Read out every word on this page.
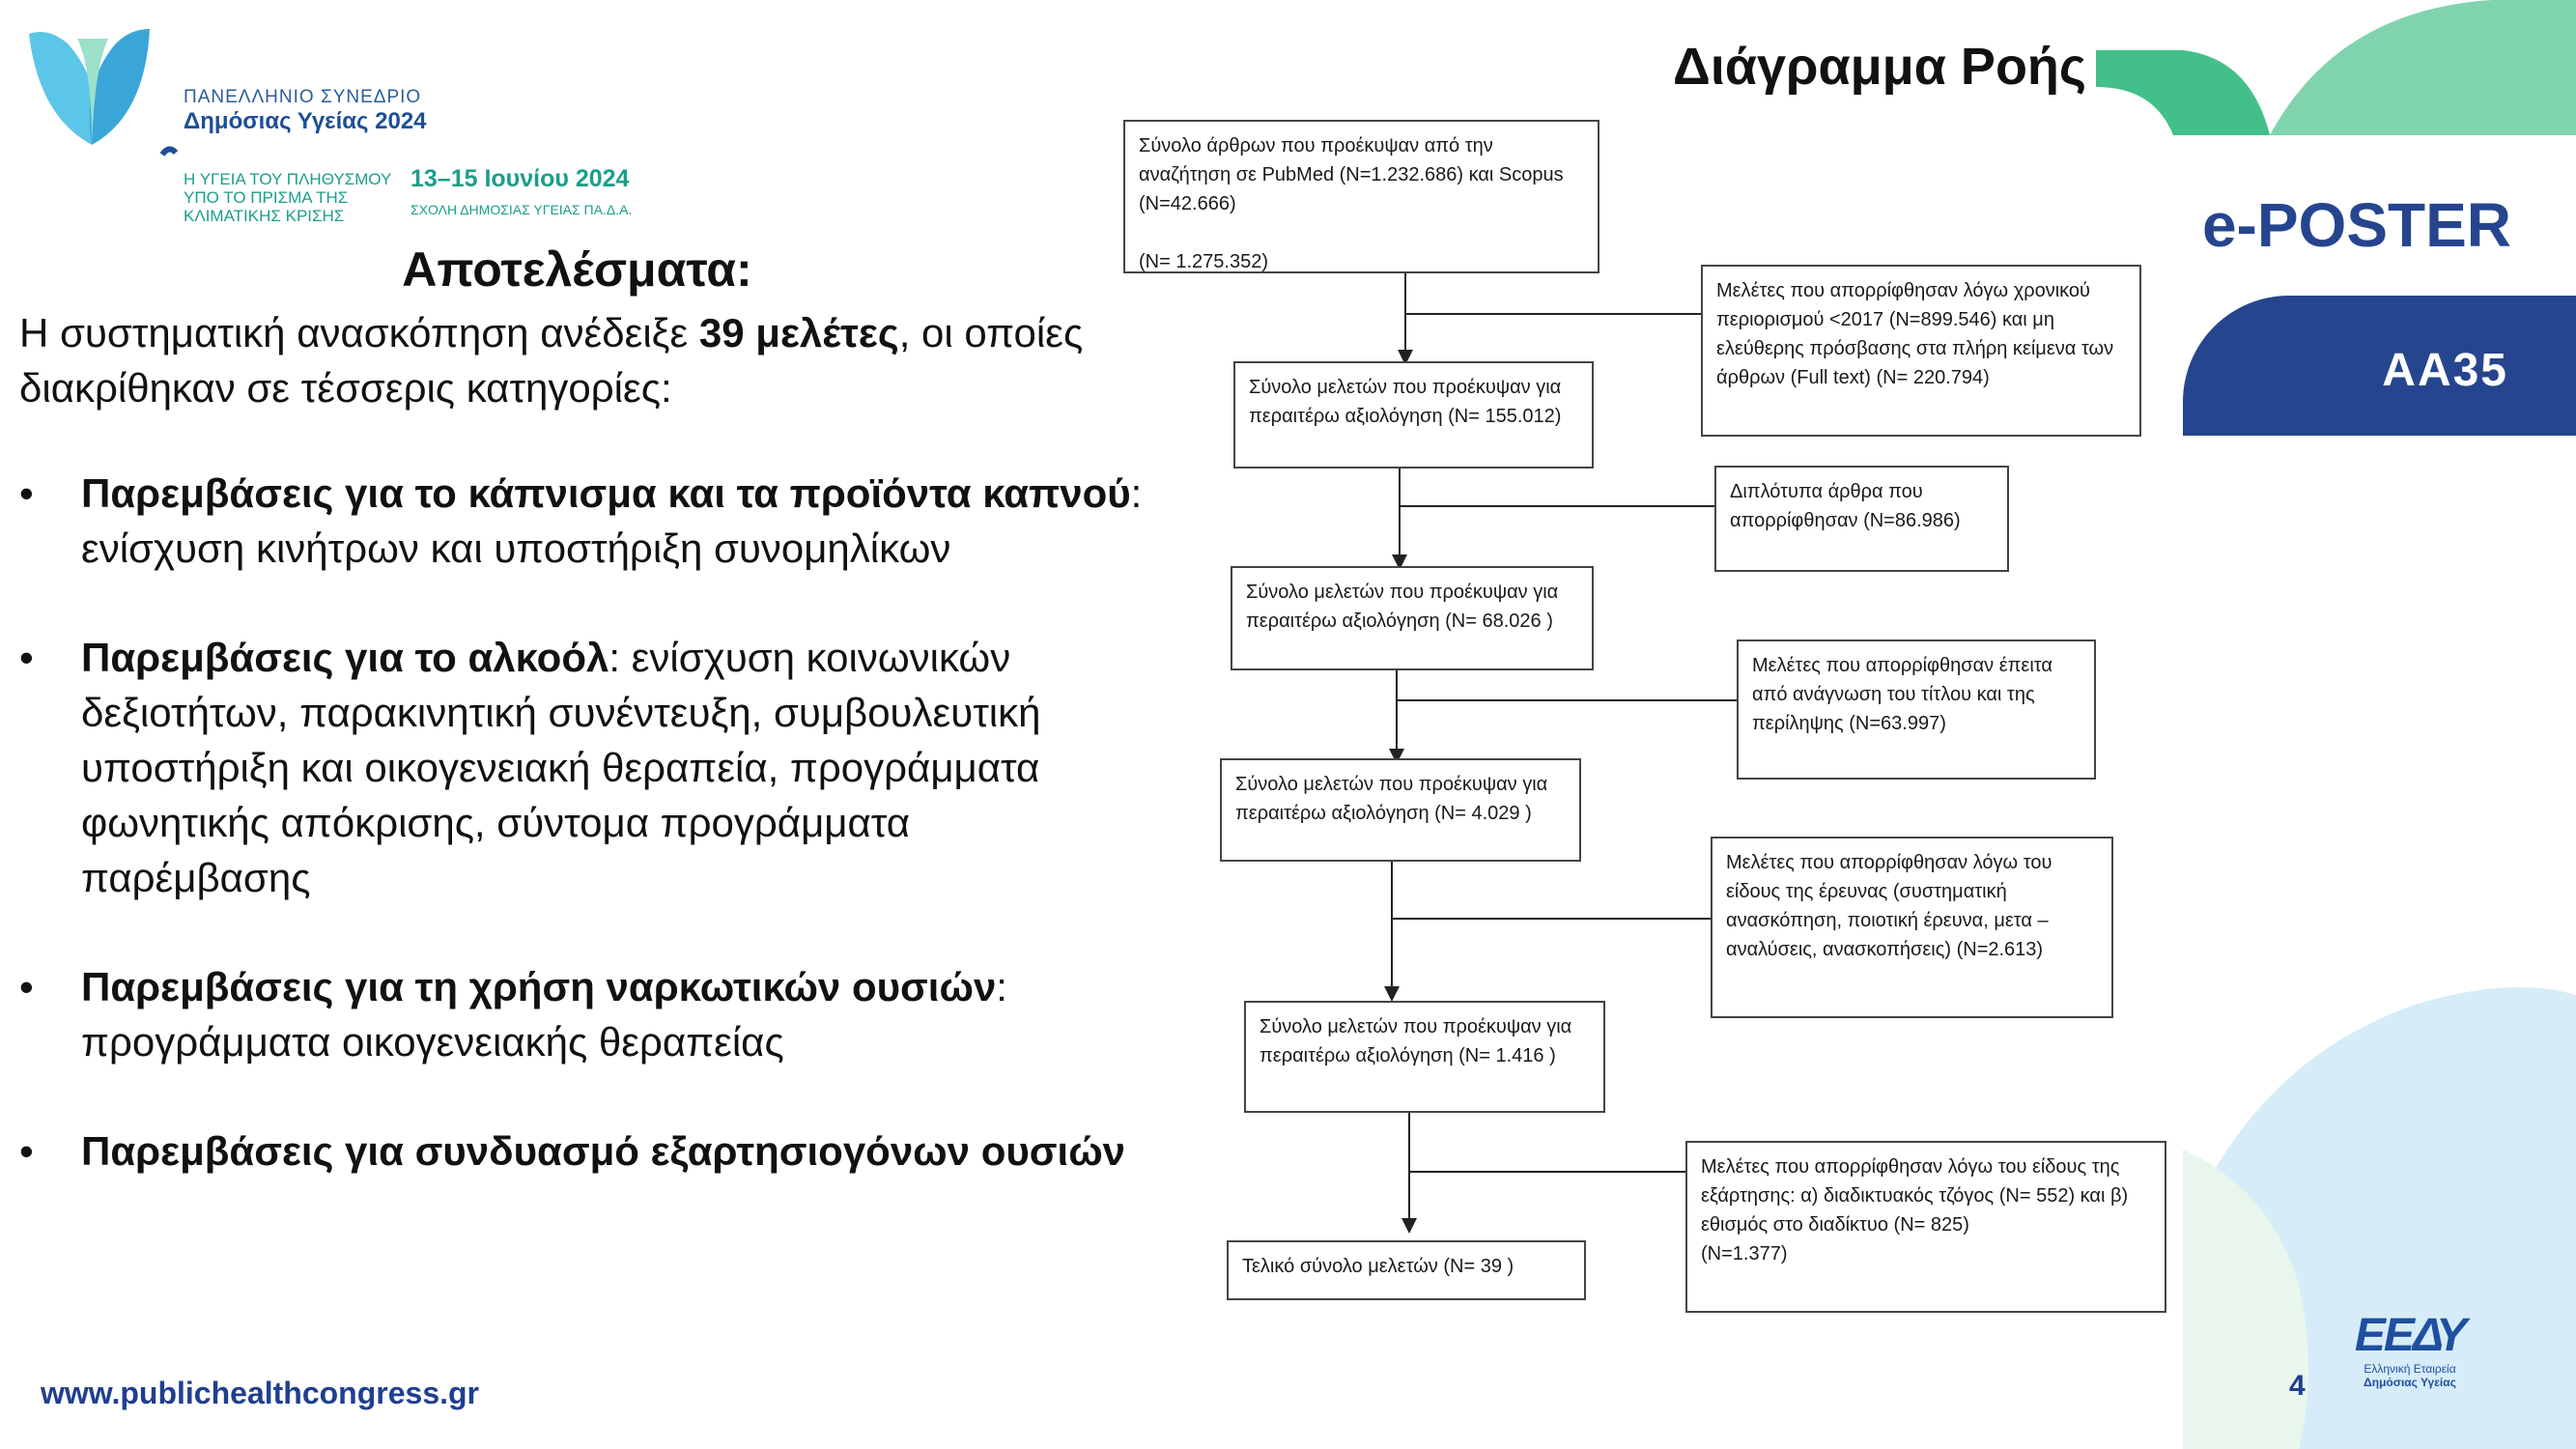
ΠΑΝΕΛΛΗΝΙΟ ΣΥΝΕΔΡΙΟ
Δημόσιας Υγείας 2024
Η ΥΓΕΙΑ ΤΟΥ ΠΛΗΘΥΣΜΟΥ ΥΠΟ ΤΟ ΠΡΙΣΜΑ ΤΗΣ ΚΛΙΜΑΤΙΚΗΣ ΚΡΙΣΗΣ
13–15 Ιουνίου 2024
ΣΧΟΛΗ ΔΗΜΟΣΙΑΣ ΥΓΕΙΑΣ ΠΑ.Δ.Α.
Αποτελέσματα:
Η συστηματική ανασκόπηση ανέδειξε 39 μελέτες, οι οποίες διακρίθηκαν σε τέσσερις κατηγορίες:
• Παρεμβάσεις για το κάπνισμα και τα προϊόντα καπνού: ενίσχυση κινήτρων και υποστήριξη συνομηλίκων
• Παρεμβάσεις για το αλκοόλ: ενίσχυση κοινωνικών δεξιοτήτων, παρακινητική συνέντευξη, συμβουλευτική υποστήριξη και οικογενειακή θεραπεία, προγράμματα φωνητικής απόκρισης, σύντομα προγράμματα παρέμβασης
• Παρεμβάσεις για τη χρήση ναρκωτικών ουσιών: προγράμματα οικογενειακής θεραπείας
• Παρεμβάσεις για συνδυασμό εξαρτησιογόνων ουσιών
Διάγραμμα Ροής
e-POSTER
AA35
Σύνολο άρθρων που προέκυψαν από την αναζήτηση σε PubMed (N=1.232.686) και Scopus (N=42.666)

(N= 1.275.352)
Σύνολο μελετών που προέκυψαν για περαιτέρω αξιολόγηση (N= 155.012)
Σύνολο μελετών που προέκυψαν για περαιτέρω αξιολόγηση (N= 68.026 )
Σύνολο μελετών που προέκυψαν για περαιτέρω αξιολόγηση (N= 4.029 )
Σύνολο μελετών που προέκυψαν για περαιτέρω αξιολόγηση (N= 1.416 )
Τελικό σύνολο μελετών (N= 39 )
Μελέτες που απορρίφθησαν λόγω χρονικού περιορισμού <2017 (N=899.546) και μη ελεύθερης πρόσβασης στα πλήρη κείμενα των άρθρων (Full text) (N= 220.794)
Διπλότυπα άρθρα που απορρίφθησαν (N=86.986)
Μελέτες που απορρίφθησαν έπειτα από ανάγνωση του τίτλου και της περίληψης (N=63.997)
Μελέτες που απορρίφθησαν λόγω του είδους της έρευνας (συστηματική ανασκόπηση, ποιοτική έρευνα, μετα – αναλύσεις, ανασκοπήσεις) (N=2.613)
Μελέτες που απορρίφθησαν λόγω του είδους της εξάρτησης: α) διαδικτυακός τζόγος (N= 552) και β) εθισμός στο διαδίκτυο (N= 825)
(N=1.377)
www.publichealthcongress.gr	4
ΕΕΔΥ
Ελληνική Εταιρεία
Δημόσιας Υγείας
